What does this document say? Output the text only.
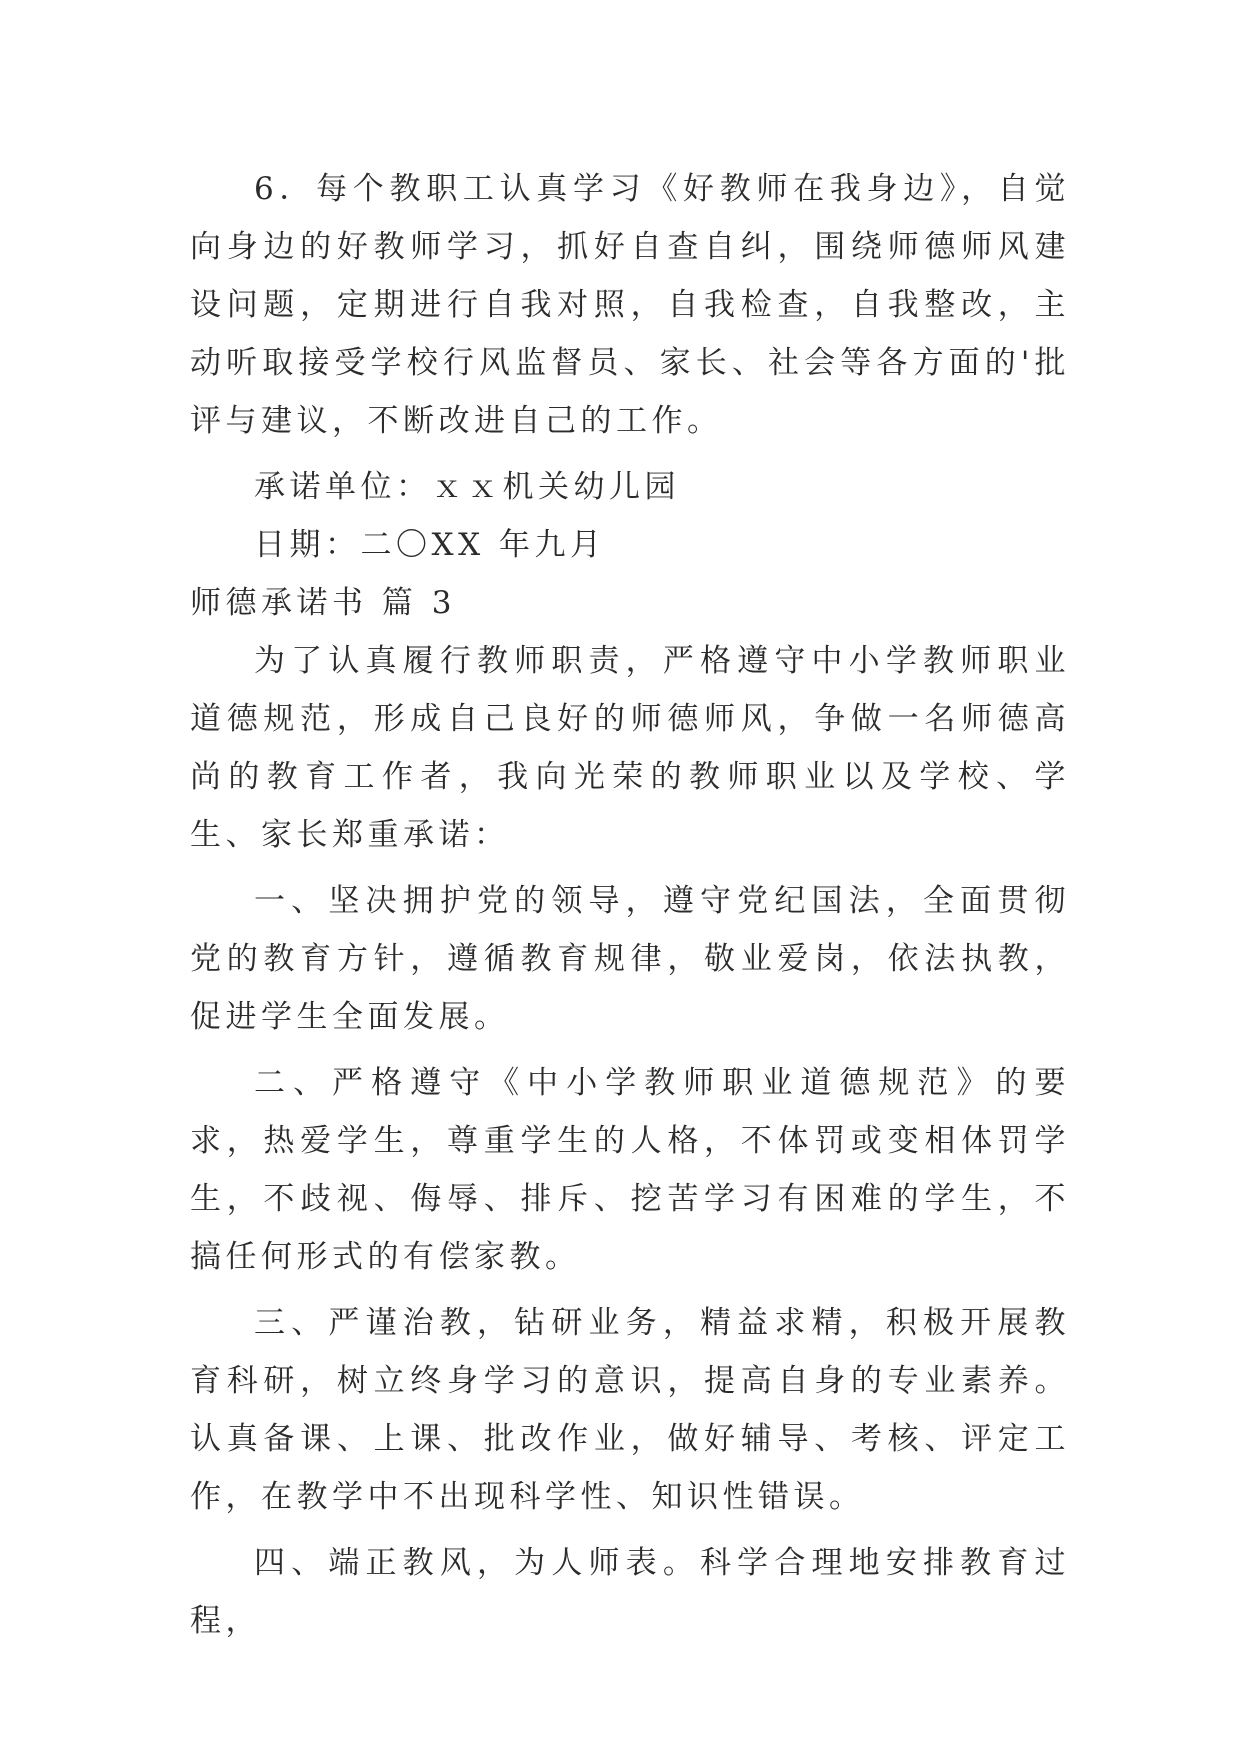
6．每个教职工认真学习《好教师在我身边》，自觉向身边的好教师学习，抓好自查自纠，围绕师德师风建设问题，定期进行自我对照，自我检查，自我整改，主动听取接受学校行风监督员、家长、社会等各方面的'批评与建议，不断改进自己的工作。

承诺单位：ｘｘ机关幼儿园

日期：二〇XX 年九月

师德承诺书 篇 3

为了认真履行教师职责，严格遵守中小学教师职业道德规范，形成自己良好的师德师风，争做一名师德高尚的教育工作者，我向光荣的教师职业以及学校、学生、家长郑重承诺：

一、坚决拥护党的领导，遵守党纪国法，全面贯彻党的教育方针，遵循教育规律，敬业爱岗，依法执教，促进学生全面发展。

二、严格遵守《中小学教师职业道德规范》的要求，热爱学生，尊重学生的人格，不体罚或变相体罚学生，不歧视、侮辱、排斥、挖苦学习有困难的学生，不搞任何形式的有偿家教。

三、严谨治教，钻研业务，精益求精，积极开展教育科研，树立终身学习的意识，提高自身的专业素养。认真备课、上课、批改作业，做好辅导、考核、评定工作，在教学中不出现科学性、知识性错误。

四、端正教风，为人师表。科学合理地安排教育过程，
